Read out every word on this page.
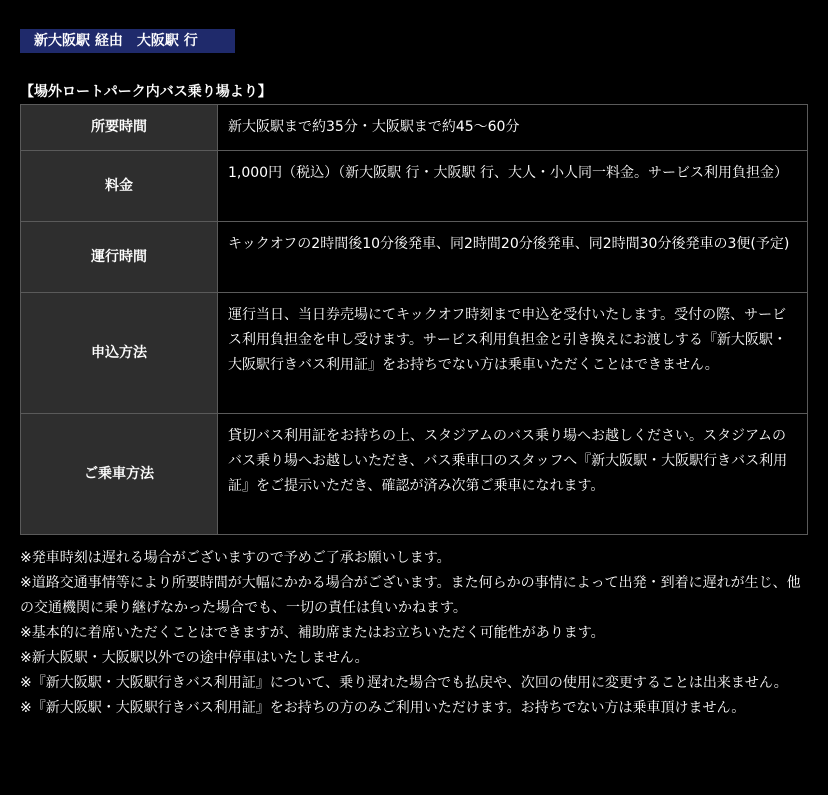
新大阪駅 経由　大阪駅 行
【場外ロートパーク内バス乗り場より】
所要時間	新大阪駅まで約35分・大阪駅まで約45〜60分
料金	1,000円（税込）（新大阪駅 行・大阪駅 行、大人・小人同一料金。サービス利用負担金）
運行時間	キックオフの2時間後10分後発車、同2時間20分後発車、同2時間30分後発車の3便(予定)
申込方法	運行当日、当日券売場にてキックオフ時刻まで申込を受付いたします。受付の際、サービス利用負担金を申し受けます。サービス利用負担金と引き換えにお渡しする『新大阪駅・大阪駅行きバス利用証』をお持ちでない方は乗車いただくことはできません。
ご乗車方法	貸切バス利用証をお持ちの上、スタジアムのバス乗り場へお越しください。スタジアムのバス乗り場へお越しいただき、バス乗車口のスタッフへ『新大阪駅・大阪駅行きバス利用証』をご提示いただき、確認が済み次第ご乗車になれます。
※発車時刻は遅れる場合がございますので予めご了承お願いします。
※道路交通事情等により所要時間が大幅にかかる場合がございます。また何らかの事情によって出発・到着に遅れが生じ、他の交通機関に乗り継げなかった場合でも、一切の責任は負いかねます。
※基本的に着席いただくことはできますが、補助席またはお立ちいただく可能性があります。
※新大阪駅・大阪駅以外での途中停車はいたしません。
※『新大阪駅・大阪駅行きバス利用証』について、乗り遅れた場合でも払戻や、次回の使用に変更することは出来ません。
※『新大阪駅・大阪駅行きバス利用証』をお持ちの方のみご利用いただけます。お持ちでない方は乗車頂けません。
